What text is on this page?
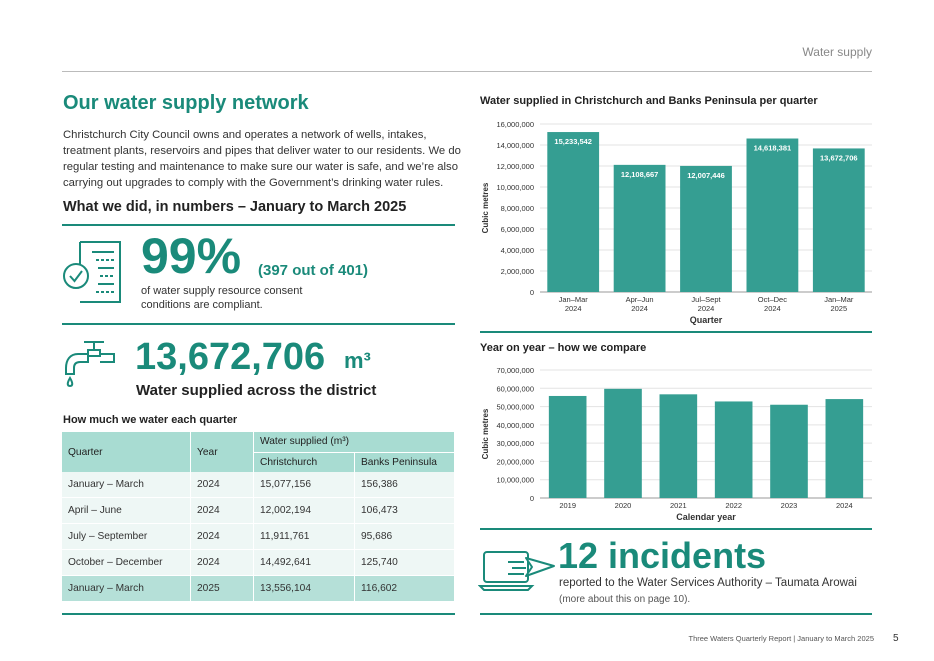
Water supply
Our water supply network
Christchurch City Council owns and operates a network of wells, intakes, treatment plants, reservoirs and pipes that deliver water to our residents. We do regular testing and maintenance to make sure our water is safe, and we’re also carrying out upgrades to comply with the Government’s drinking water rules.
What we did, in numbers – January to March 2025
99% (397 out of 401)
of water supply resource consent conditions are compliant.
13,672,706 m³
Water supplied across the district
How much we water each quarter
Quarter	Year	Water supplied (m³)	
		Christchurch	Banks Peninsula
January – March	2024	15,077,156	156,386
April – June	2024	12,002,194	106,473
July – September	2024	11,911,761	95,686
October – December	2024	14,492,641	125,740
January – March	2025	13,556,104	116,602
Water supplied in Christchurch and Banks Peninsula per quarter
0
2,000,000
4,000,000
6,000,000
8,000,000
10,000,000
12,000,000
14,000,000
16,000,000
15,233,542
Jan–Mar
2024
12,108,667
Apr–Jun
2024
12,007,446
Jul–Sept
2024
14,618,381
Oct–Dec
2024
13,672,706
Jan–Mar
2025
Quarter
Cubic metres
Year on year – how we compare
0
10,000,000
20,000,000
30,000,000
40,000,000
50,000,000
60,000,000
70,000,000
2019	2020	2021	2022	2023	2024
Calendar year
Cubic metres
12 incidents
reported to the Water Services Authority – Taumata Arowai
(more about this on page 10).
Three Waters Quarterly Report | January to March 2025 5
